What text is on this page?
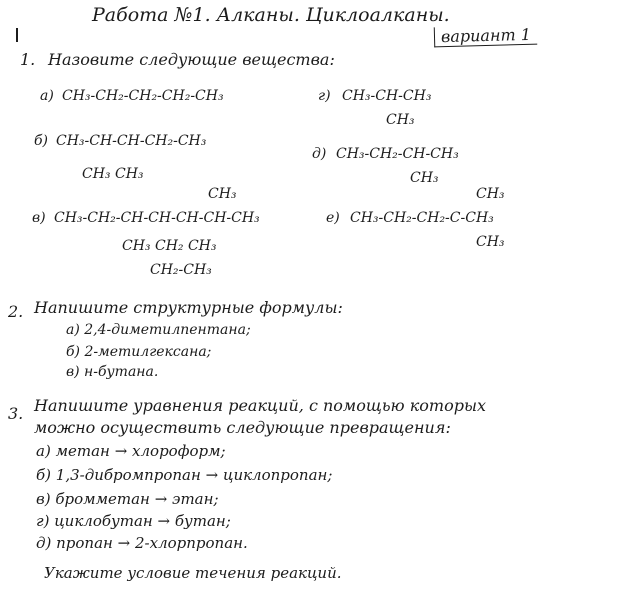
Работа №1. Алканы. Циклоалканы.
вариант 1
1. Назовите следующие вещества:
а) CH₃-CH₂-CH₂-CH₂-CH₃
б) CH₃-CH-CH-CH₂-CH₃
CH₃ CH₃
CH₃
в) CH₃-CH₂-CH-CH-CH-CH-CH₃
CH₃ CH₂ CH₃
CH₂-CH₃
г) CH₃-CH-CH₃
CH₃
д) CH₃-CH₂-CH-CH₃
CH₃
CH₃
е) CH₃-CH₂-CH₂-C-CH₃
CH₃
2. Напишите структурные формулы:
а) 2,4-диметилпентана;
б) 2-метилгексана;
в) н-бутана.
3. Напишите уравнения реакций, с помощью которых
можно осуществить следующие превращения:
а) метан → хлороформ;
б) 1,3-дибромпропан → циклопропан;
в) бромметан → этан;
г) циклобутан → бутан;
д) пропан → 2-хлорпропан.
Укажите условие течения реакций.
